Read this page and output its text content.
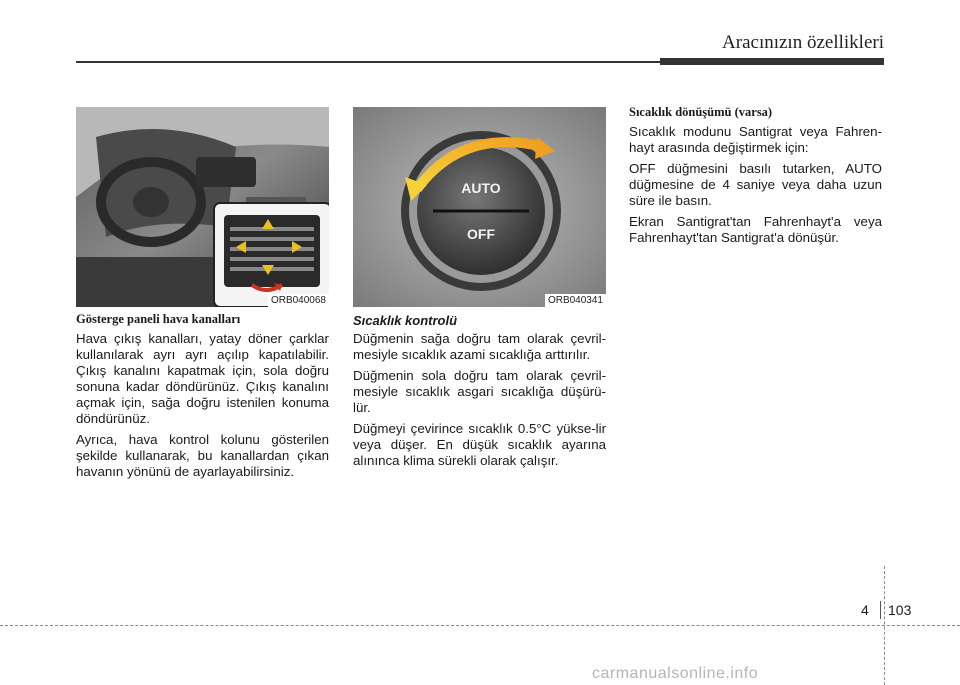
Aracınızın özellikleri
ORB040068
Gösterge paneli hava kanalları

Hava çıkış kanalları, yatay döner çarklar kullanılarak ayrı ayrı açılıp kapatılabilir. Çıkış kanalını kapatmak için, sola doğru sonuna kadar döndürünüz. Çıkış kanalını açmak için, sağa doğru istenilen konuma döndürünüz.

Ayrıca, hava kontrol kolunu gösterilen şekilde kullanarak, bu kanallardan çıkan havanın yönünü de ayarlayabilirsiniz.

AUTO
OFF
ORB040341
Sıcaklık kontrolü

Düğmenin sağa doğru tam olarak çevril-mesiyle sıcaklık azami sıcaklığa arttırılır.

Düğmenin sola doğru tam olarak çevril-mesiyle sıcaklık asgari sıcaklığa düşürü-lür.

Düğmeyi çevirince sıcaklık 0.5°C yükse-lir veya düşer. En düşük sıcaklık ayarına alınınca klima sürekli olarak çalışır.

Sıcaklık dönüşümü (varsa)

Sıcaklık modunu Santigrat veya Fahren-hayt arasında değiştirmek için:

OFF düğmesini basılı tutarken, AUTO düğmesine de 4 saniye veya daha uzun süre ile basın.

Ekran Santigrat'tan Fahrenhayt'a veya Fahrenhayt'tan Santigrat'a dönüşür.

4 103
carmanualsonline.info
